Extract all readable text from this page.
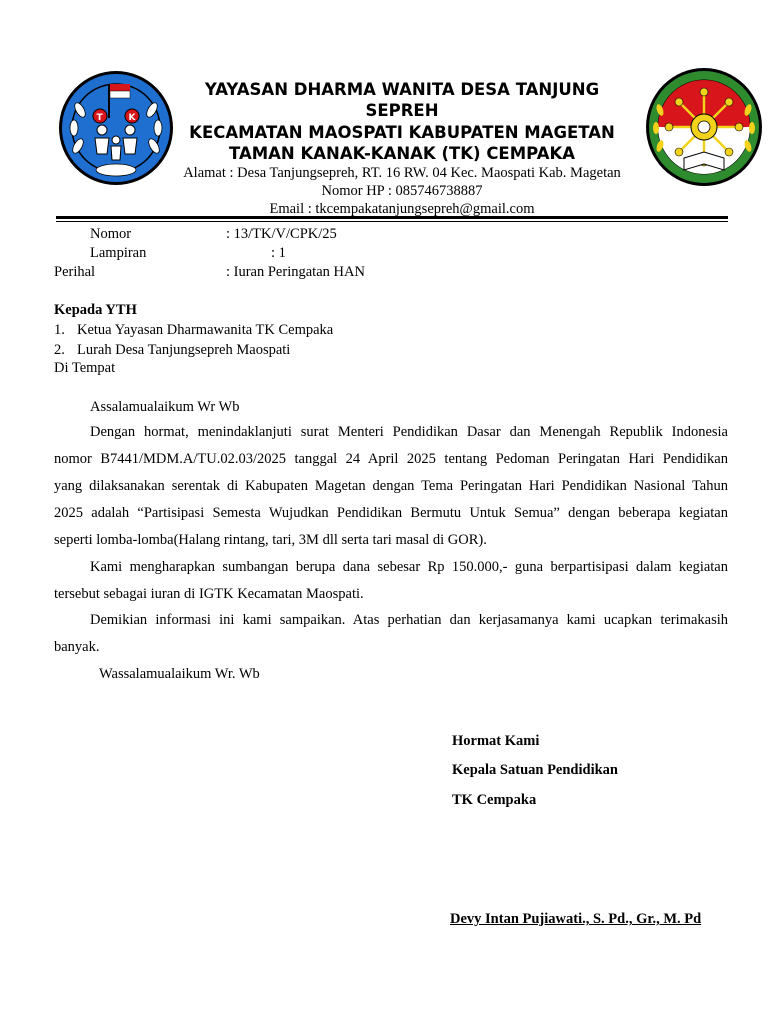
T	K
YAYASAN DHARMA WANITA DESA TANJUNG
SEPREH
KECAMATAN MAOSPATI KABUPATEN MAGETAN
TAMAN KANAK-KANAK (TK) CEMPAKA
Alamat : Desa Tanjungsepreh, RT. 16 RW. 04 Kec. Maospati Kab. Magetan
Nomor HP : 085746738887
Email : tkcempakatanjungsepreh@gmail.com
Nomor	: 13/TK/V/CPK/25
Lampiran	: 1
Perihal	: Iuran Peringatan HAN
Kepada YTH
1. Ketua Yayasan Dharmawanita TK Cempaka
2. Lurah Desa Tanjungsepreh Maospati
Di Tempat
Assalamualaikum Wr Wb
Dengan hormat, menindaklanjuti surat Menteri Pendidikan Dasar dan Menengah Republik Indonesia
nomor B7441/MDM.A/TU.02.03/2025 tanggal 24 April 2025 tentang Pedoman Peringatan Hari Pendidikan
yang dilaksanakan serentak di Kabupaten Magetan dengan Tema Peringatan Hari Pendidikan Nasional Tahun
2025 adalah “Partisipasi Semesta Wujudkan Pendidikan Bermutu Untuk Semua” dengan beberapa kegiatan
seperti lomba-lomba(Halang rintang, tari, 3M dll serta tari masal di GOR).
Kami mengharapkan sumbangan berupa dana sebesar Rp 150.000,- guna berpartisipasi dalam kegiatan
tersebut sebagai iuran di IGTK Kecamatan Maospati.
Demikian informasi ini kami sampaikan. Atas perhatian dan kerjasamanya kami ucapkan terimakasih
banyak.
Wassalamualaikum Wr. Wb
Hormat Kami
Kepala Satuan Pendidikan
TK Cempaka
Devy Intan Pujiawati., S. Pd., Gr., M. Pd
